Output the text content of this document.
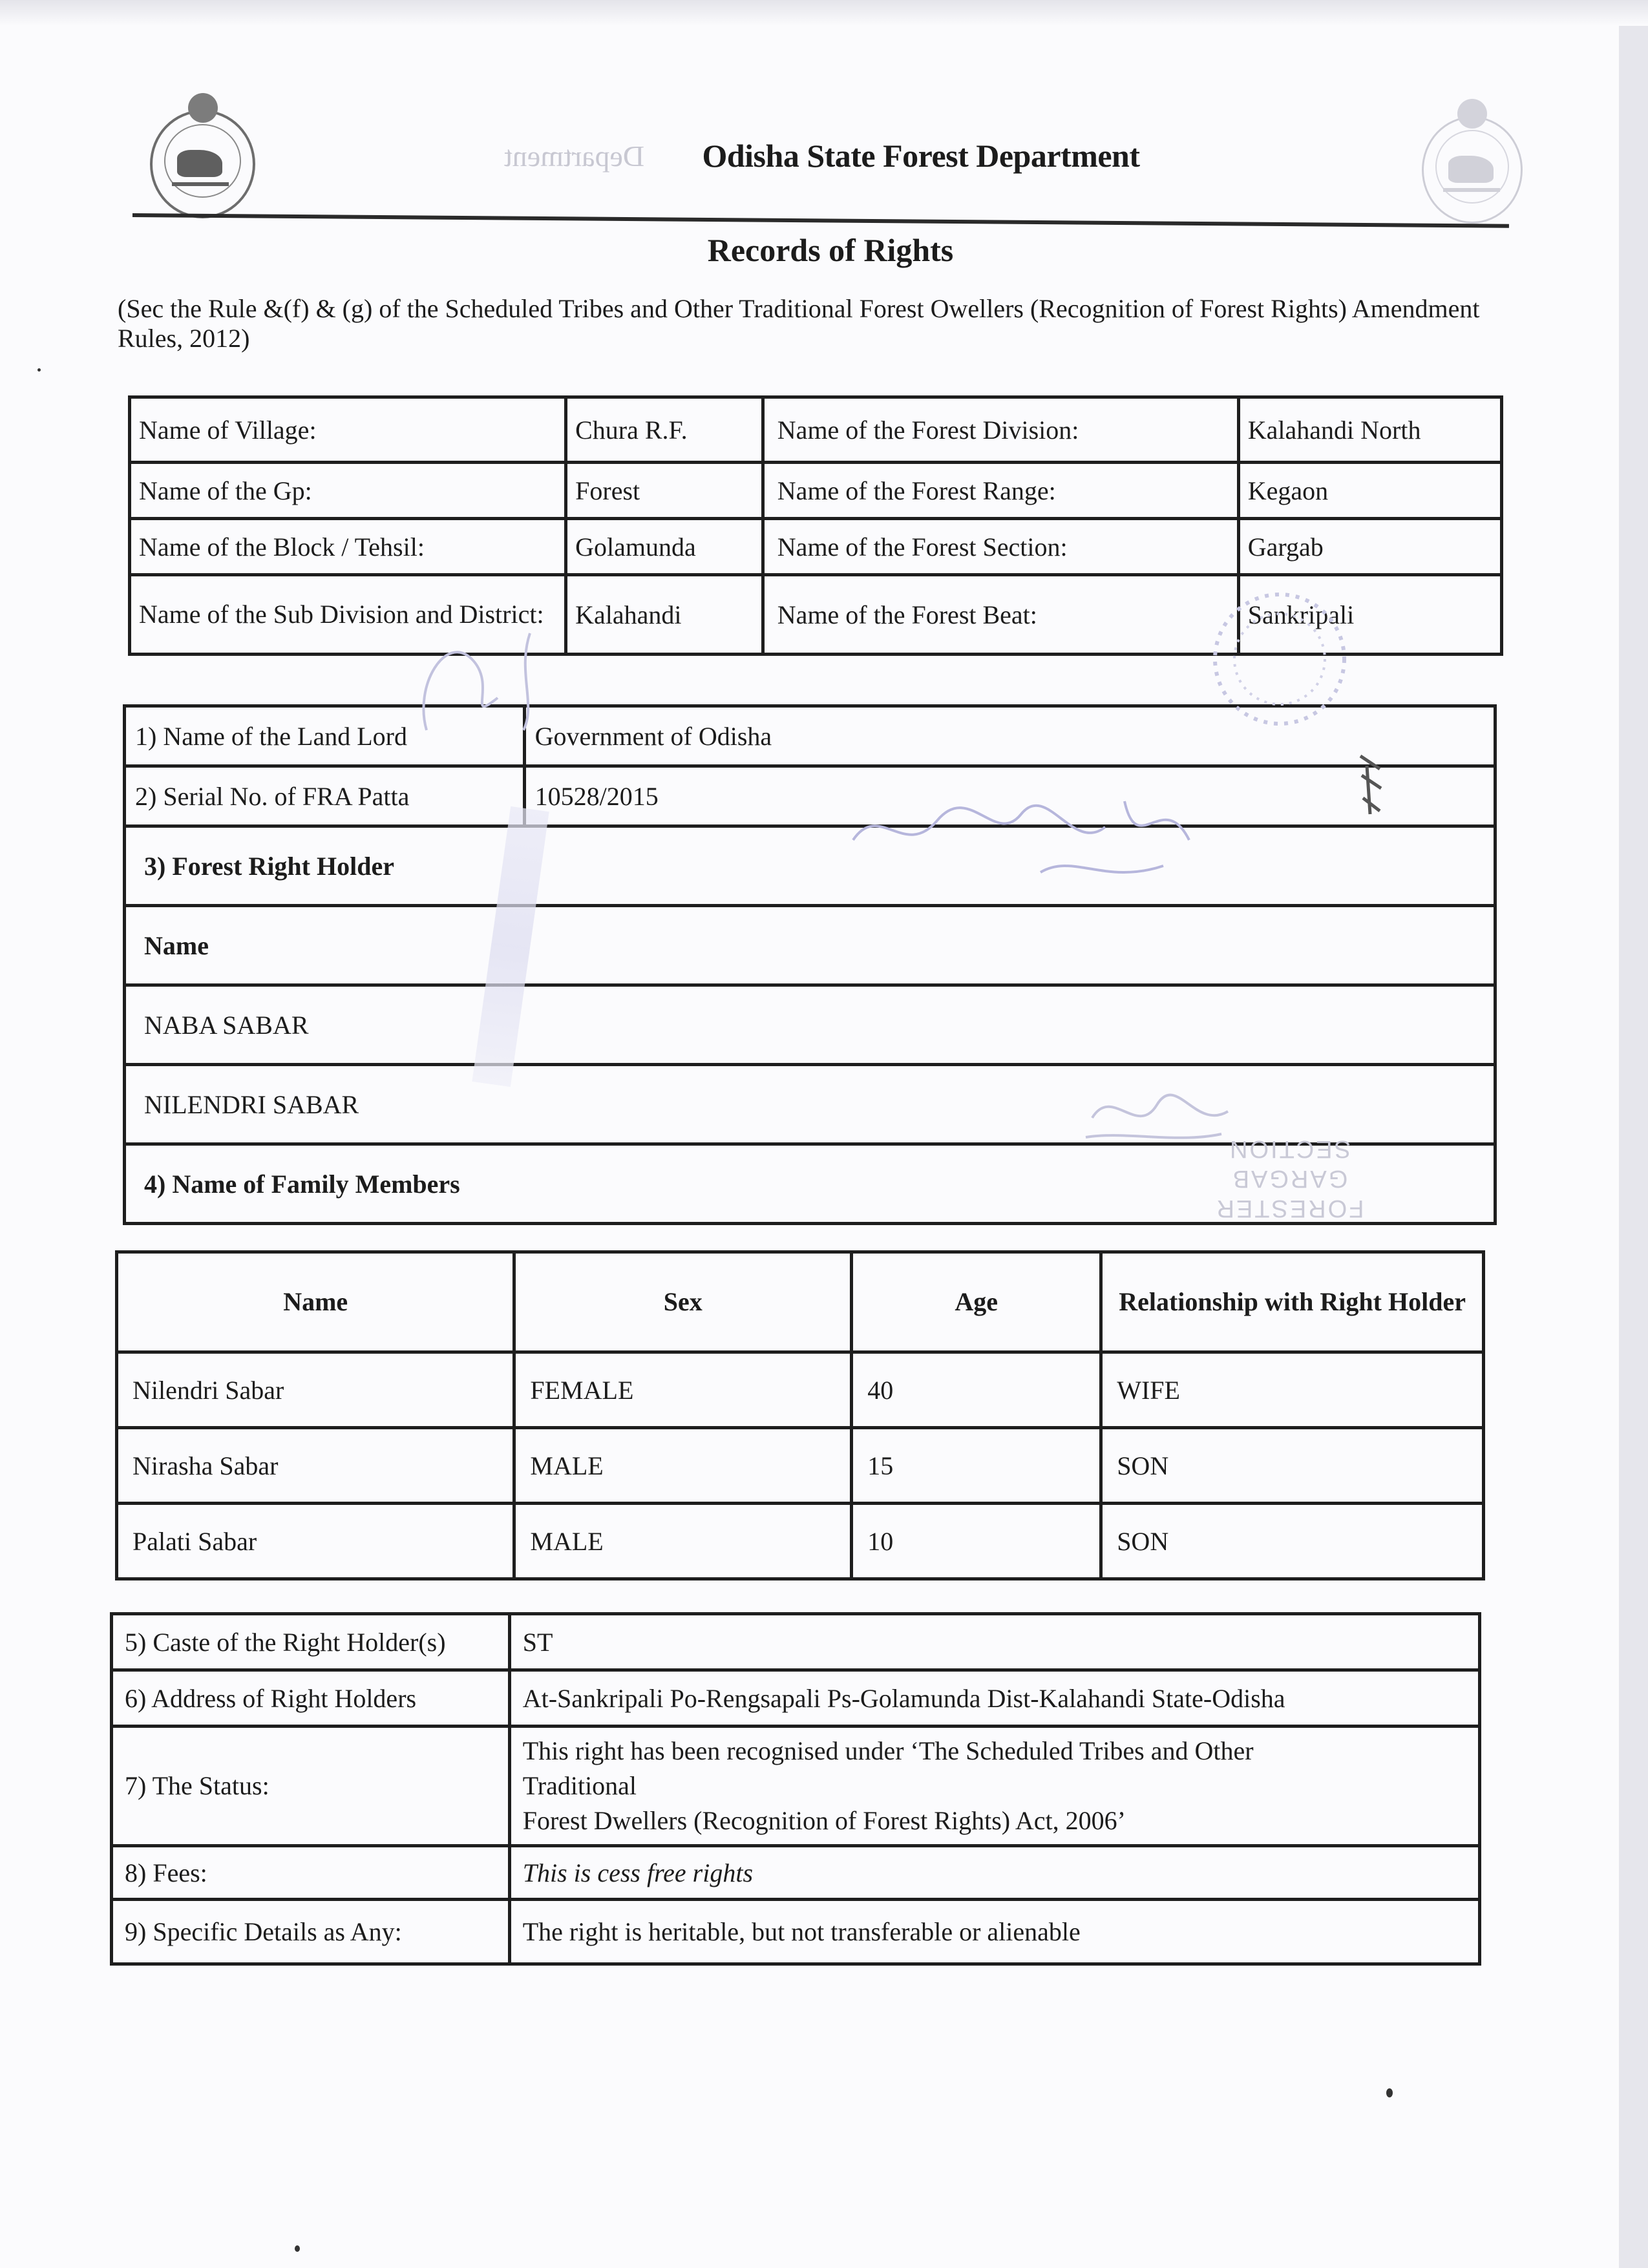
Department	Odisha State Forest Department
Records of Rights
(Sec the Rule &(f) & (g) of the Scheduled Tribes and Other Traditional Forest Owellers (Recognition of Forest Rights) Amendment Rules, 2012)
Name of Village:	Chura R.F.	Name of the Forest Division:	Kalahandi North
Name of the Gp:	Forest	Name of the Forest Range:	Kegaon
Name of the Block / Tehsil:	Golamunda	Name of the Forest Section:	Gargab
Name of the Sub Division and District:	Kalahandi	Name of the Forest Beat:	Sankripali
1) Name of the Land Lord	Government of Odisha
2) Serial No. of FRA Patta	10528/2015
3) Forest Right Holder	
Name	
NABA SABAR	
NILENDRI SABAR	
4) Name of Family Members	
Name	Sex	Age	Relationship with Right Holder
Nilendri Sabar	FEMALE	40	WIFE
Nirasha Sabar	MALE	15	SON
Palati Sabar	MALE	10	SON
5) Caste of the Right Holder(s)	ST
6) Address of Right Holders	At-Sankripali Po-Rengsapali Ps-Golamunda Dist-Kalahandi State-Odisha
7) The Status:	This right has been recognised under ‘The Scheduled Tribes and Other
Traditional
Forest Dwellers (Recognition of Forest Rights) Act, 2006’

8) Fees:	This is cess free rights
9) Specific Details as Any:	The right is heritable, but not transferable or alienable
FORESTER GARGAB SECTION
